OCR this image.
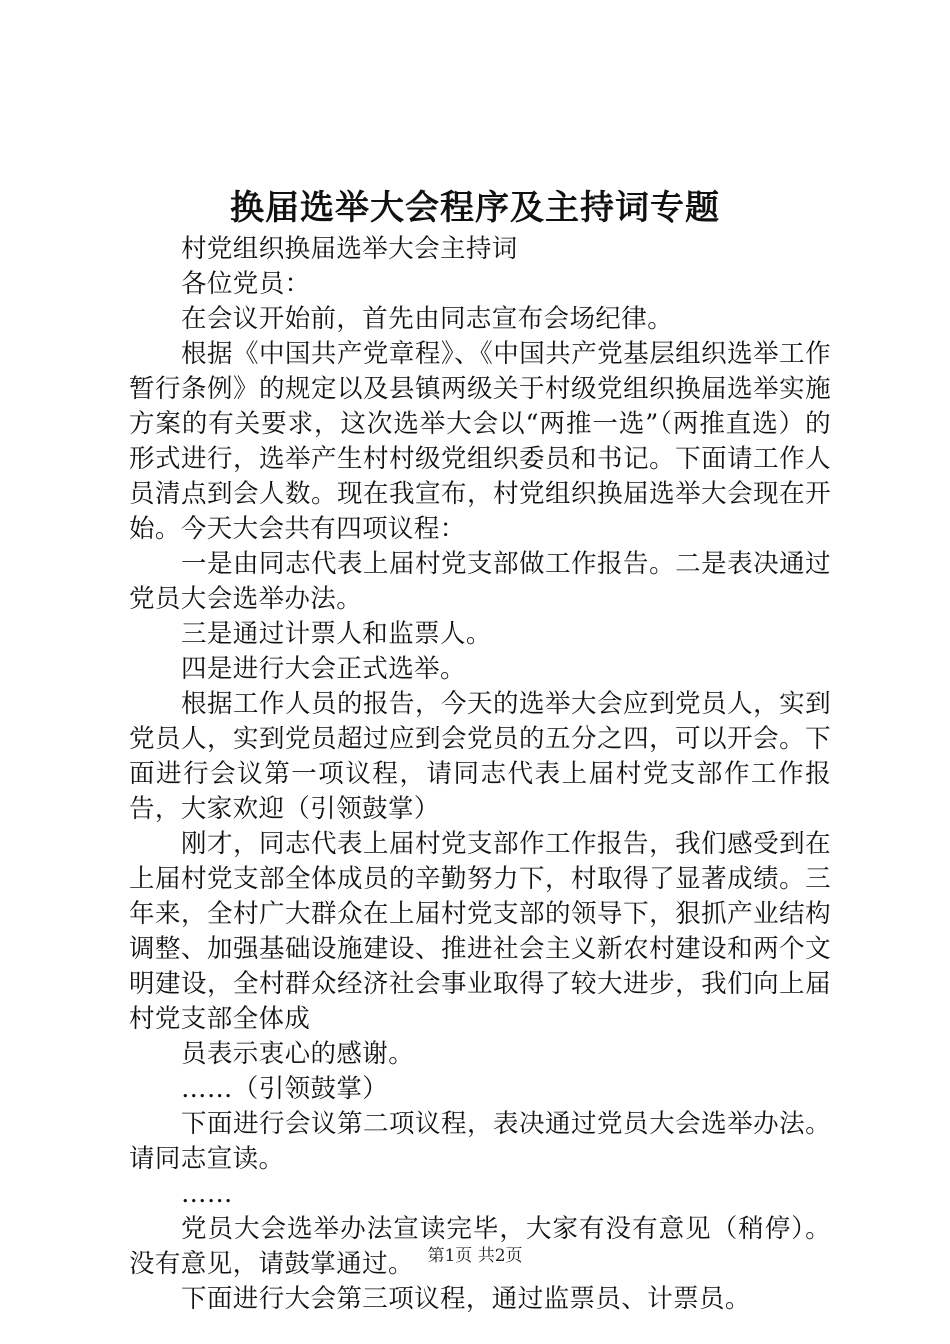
换届选举大会程序及主持词专题

村党组织换届选举大会主持词

各位党员：

在会议开始前，首先由同志宣布会场纪律。

根据《中国共产党章程》、《中国共产党基层组织选举工作暂行条例》的规定以及县镇两级关于村级党组织换届选举实施方案的有关要求，这次选举大会以“两推一选”（两推直选）的形式进行，选举产生村村级党组织委员和书记。下面请工作人员清点到会人数。现在我宣布，村党组织换届选举大会现在开始。今天大会共有四项议程：

一是由同志代表上届村党支部做工作报告。二是表决通过党员大会选举办法。

三是通过计票人和监票人。

四是进行大会正式选举。

根据工作人员的报告，今天的选举大会应到党员人，实到党员人，实到党员超过应到会党员的五分之四，可以开会。下面进行会议第一项议程，请同志代表上届村党支部作工作报告，大家欢迎（引领鼓掌）

刚才，同志代表上届村党支部作工作报告，我们感受到在上届村党支部全体成员的辛勤努力下，村取得了显著成绩。三年来，全村广大群众在上届村党支部的领导下，狠抓产业结构调整、加强基础设施建设、推进社会主义新农村建设和两个文明建设，全村群众经济社会事业取得了较大进步，我们向上届村党支部全体成

员表示衷心的感谢。

……（引领鼓掌）

下面进行会议第二项议程，表决通过党员大会选举办法。请同志宣读。

……

党员大会选举办法宣读完毕，大家有没有意见（稍停）。没有意见，请鼓掌通过。

下面进行大会第三项议程，通过监票员、计票员。

第1页 共2页
